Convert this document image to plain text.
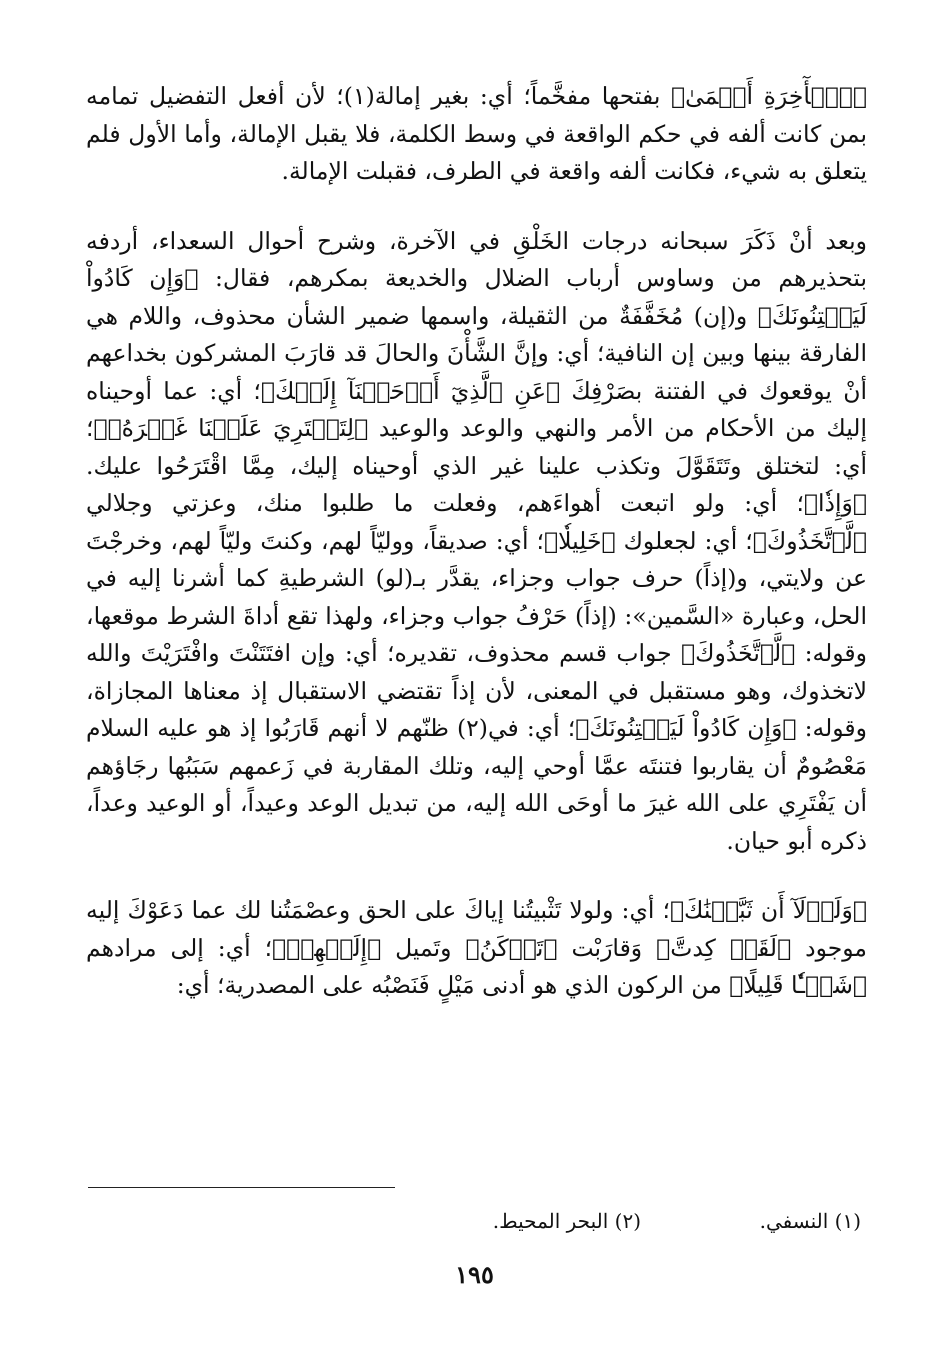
﴿ٱلۡأٓخِرَةِ أَعۡمَىٰ﴾ بفتحها مفخَّماً؛ أي: بغير إمالة(١)؛ لأن أفعل التفضيل تمامه بمن كانت ألفه في حكم الواقعة في وسط الكلمة، فلا يقبل الإمالة، وأما الأول فلم يتعلق به شيء، فكانت ألفه واقعة في الطرف، فقبلت الإمالة.

وبعد أنْ ذَكَرَ سبحانه درجات الخَلْقِ في الآخرة، وشرح أحوال السعداء، أردفه بتحذيرهم من وساوس أرباب الضلال والخديعة بمكرهم، فقال: ﴿وَإِن كَادُواْ لَيَفۡتِنُونَكَ﴾ و(إن) مُخَفَّفَةٌ من الثقيلة، واسمها ضمير الشأن محذوف، واللام هي الفارقة بينها وبين إن النافية؛ أي: وإنَّ الشَّأْنَ والحالَ قد قارَبَ المشركون بخداعهم أنْ يوقعوك في الفتنة بصَرْفِكَ ﴿عَنِ ٱلَّذِيٓ أَوۡحَيۡنَآ إِلَيۡكَ﴾؛ أي: عما أوحيناه إليك من الأحكام من الأمر والنهي والوعد والوعيد ﴿لِتَفۡتَرِيَ عَلَيۡنَا غَيۡرَهُۥ﴾؛ أي: لتختلق وتَتَقَوَّلَ وتكذب علينا غير الذي أوحيناه إليك، مِمَّا اقْتَرَحُوا عليك. ﴿وَإِذٗا﴾؛ أي: ولو اتبعت أهواءَهم، وفعلت ما طلبوا منك، وعزتي وجلالي ﴿لَّٱتَّخَذُوكَ﴾؛ أي: لجعلوك ﴿خَلِيلٗا﴾؛ أي: صديقاً، ووليّاً لهم، وكنتَ وليّاً لهم، وخرجْتَ عن ولايتي، و(إذاً) حرف جواب وجزاء، يقدَّر بـ(لو) الشرطيةِ كما أشرنا إليه في الحل، وعبارة «السَّمين»: (إذاً) حَرْفُ جواب وجزاء، ولهذا تقع أداةَ الشرط موقعها، وقوله: ﴿لَّٱتَّخَذُوكَ﴾ جواب قسم محذوف، تقديره؛ أي: وإن افتَتَنْتَ وافْتَرَيْتَ والله لاتخذوك، وهو مستقبل في المعنى، لأن إذاً تقتضي الاستقبال إذ معناها المجازاة، وقوله: ﴿وَإِن كَادُواْ لَيَفۡتِنُونَكَ﴾؛ أي: في(٢) ظنّهم لا أنهم قَارَبُوا إذ هو عليه السلام مَعْصُومٌ أن يقاربوا فتنتَه عمَّا أوحي إليه، وتلك المقاربة في زَعمهم سَبَبُها رجَاؤهم أن يَفْتَرِي على الله غيرَ ما أوحَى الله إليه، من تبديل الوعد وعيداً، أو الوعيد وعداً، ذكره أبو حيان.

﴿وَلَوۡلَآ أَن ثَبَّتۡنَٰكَ﴾؛ أي: ولولا تَثْبيتُنا إياكَ على الحق وعصْمَتُنا لك عما دَعَوْكَ إليه موجود ﴿لَقَدۡ كِدتَّ﴾ وَقارَبْت ﴿تَرۡكَنُ﴾ وتَميل ﴿إِلَيۡهِمۡ﴾؛ أي: إلى مرادهم ﴿شَيۡـٔٗا قَلِيلًا﴾ من الركون الذي هو أدنى مَيْلٍ فَنَصْبُه على المصدرية؛ أي:

(١) النسفي.
(٢) البحر المحيط.
١٩٥
